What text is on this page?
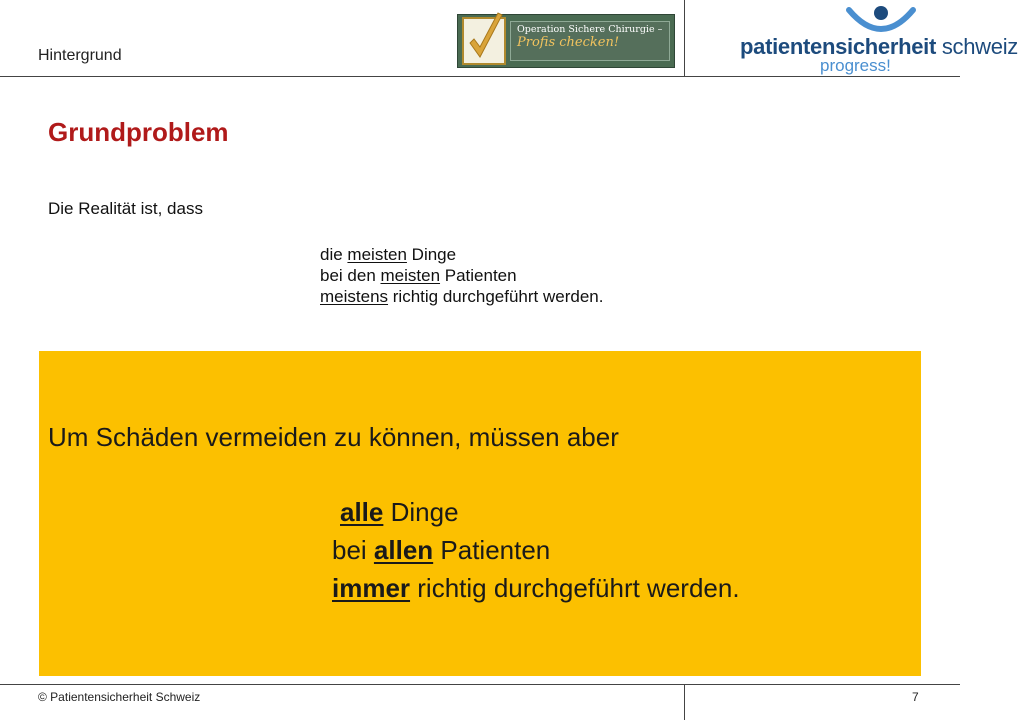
Hintergrund
Operation Sichere Chirurgie –
Profis checken!	patientensicherheit schweiz
progress!
Grundproblem
Die Realität ist, dass
die meisten Dinge
bei den meisten Patienten
meistens richtig durchgeführt werden.
Um Schäden vermeiden zu können, müssen aber
alle Dinge
bei allen Patienten
immer richtig durchgeführt werden.
© Patientensicherheit Schweiz	7
